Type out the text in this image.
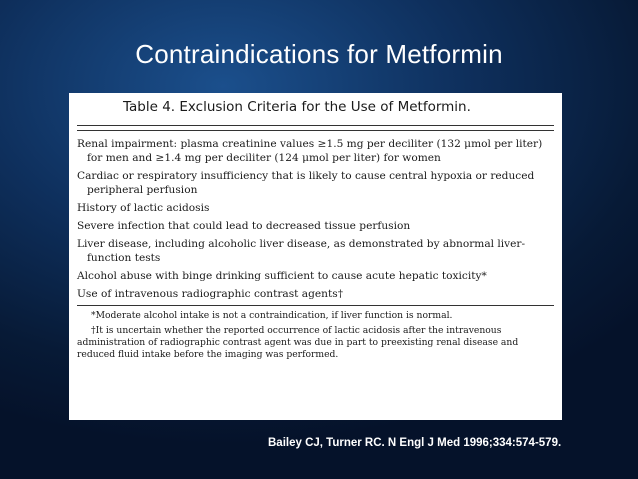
Contraindications for Metformin
Table 4. Exclusion Criteria for the Use of Metformin.
Renal impairment: plasma creatinine values ≥1.5 mg per deciliter (132 μmol per liter) for men and ≥1.4 mg per deciliter (124 μmol per liter) for women
Cardiac or respiratory insufficiency that is likely to cause central hypoxia or reduced peripheral perfusion
History of lactic acidosis
Severe infection that could lead to decreased tissue perfusion
Liver disease, including alcoholic liver disease, as demonstrated by abnormal liver-function tests
Alcohol abuse with binge drinking sufficient to cause acute hepatic toxicity*
Use of intravenous radiographic contrast agents†

*Moderate alcohol intake is not a contraindication, if liver function is normal.

†It is uncertain whether the reported occurrence of lactic acidosis after the intravenous administration of radiographic contrast agent was due in part to preexisting renal disease and reduced fluid intake before the imaging was performed.

Bailey CJ, Turner RC. N Engl J Med 1996;334:574-579.
